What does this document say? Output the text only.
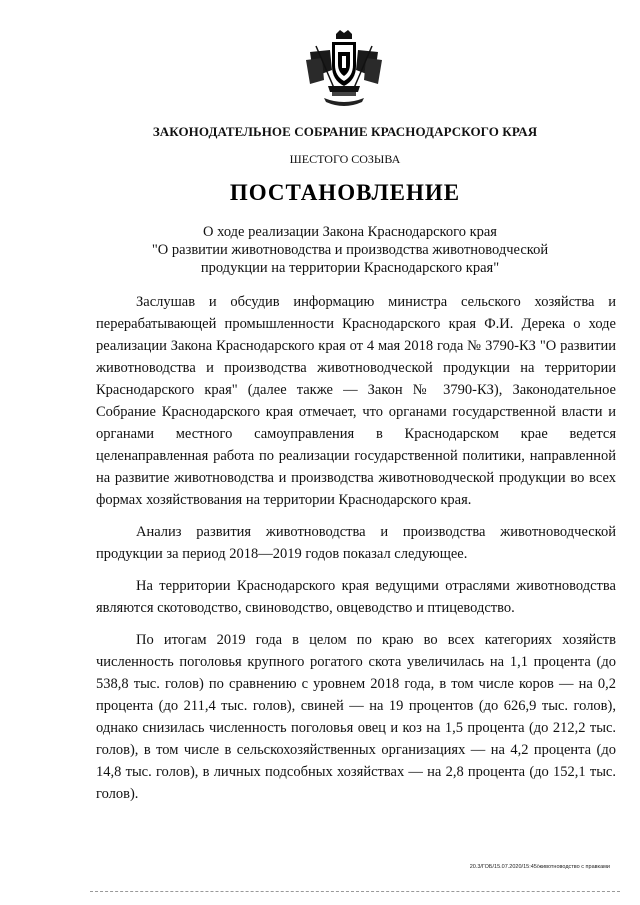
ЗАКОНОДАТЕЛЬНОЕ СОБРАНИЕ КРАСНОДАРСКОГО КРАЯ
ШЕСТОГО СОЗЫВА
ПОСТАНОВЛЕНИЕ
О ходе реализации Закона Краснодарского края
"О развитии животноводства и производства животноводческой
продукции на территории Краснодарского края"

Заслушав и обсудив информацию министра сельского хозяйства и перерабатывающей промышленности Краснодарского края Ф.И. Дерека о ходе реализации Закона Краснодарского края от 4 мая 2018 года № 3790-КЗ "О развитии животноводства и производства животноводческой продукции на территории Краснодарского края" (далее также — Закон № 3790-КЗ), Законодательное Собрание Краснодарского края отмечает, что органами государственной власти и органами местного самоуправления в Краснодарском крае ведется целенаправленная работа по реализации государственной политики, направленной на развитие животноводства и производства животноводческой продукции во всех формах хозяйствования на территории Краснодарского края.

Анализ развития животноводства и производства животноводческой продукции за период 2018—2019 годов показал следующее.

На территории Краснодарского края ведущими отраслями животноводства являются скотоводство, свиноводство, овцеводство и птицеводство.

По итогам 2019 года в целом по краю во всех категориях хозяйств численность поголовья крупного рогатого скота увеличилась на 1,1 процента (до 538,8 тыс. голов) по сравнению с уровнем 2018 года, в том числе коров — на 0,2 процента (до 211,4 тыс. голов), свиней — на 19 процентов (до 626,9 тыс. голов), однако снизилась численность поголовья овец и коз на 1,5 процента (до 212,2 тыс. голов), в том числе в сельскохозяйственных организациях — на 4,2 процента (до 14,8 тыс. голов), в личных подсобных хозяйствах — на 2,8 процента (до 152,1 тыс. голов).

20.3/ГОБ/15.07.2020/15:45/животноводство с правками
